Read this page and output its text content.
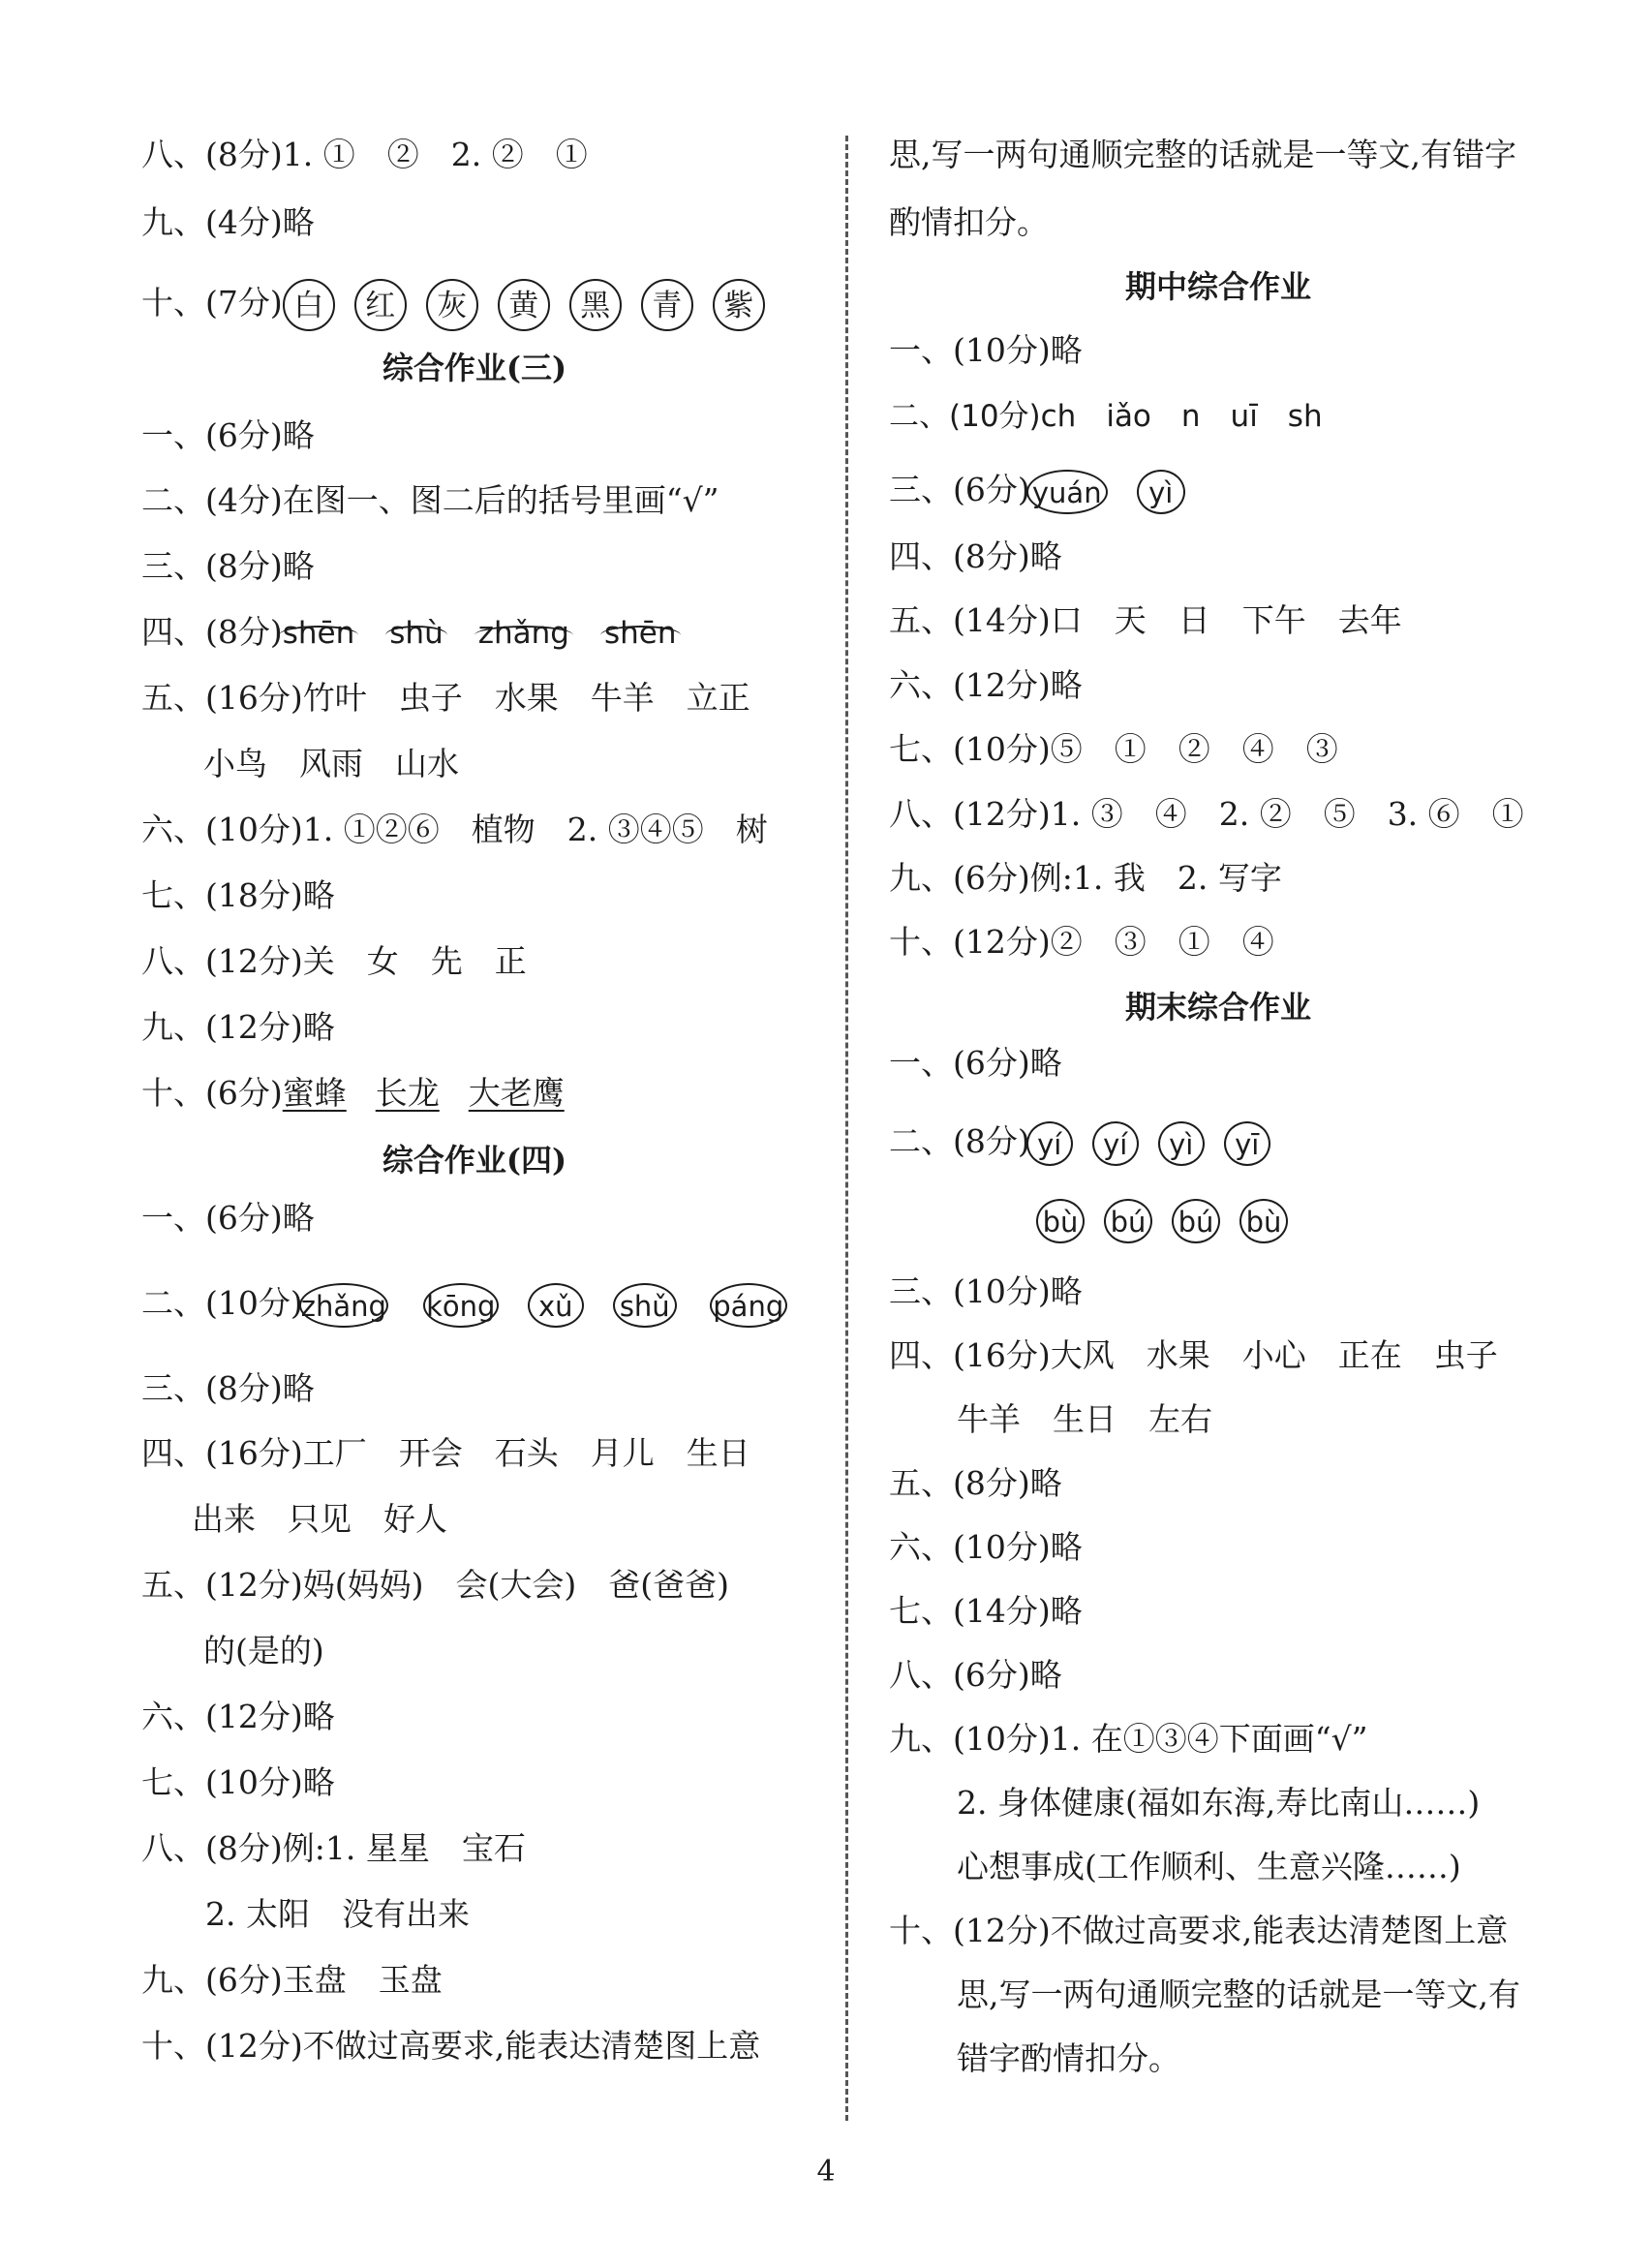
八、(8分)1. ①　②　2. ②　①
九、(4分)略
十、(7分) 白 红 灰 黄 黑 青 紫
综合作业(三)
一、(6分)略
二、(4分)在图一、图二后的括号里画“√”
三、(8分)略
四、(8分)shēn shù zhǎng shēn
五、(16分)竹叶　虫子　水果　牛羊　立正
小鸟　风雨　山水
六、(10分)1. ①②⑥　植物　2. ③④⑤　树
七、(18分)略
八、(12分)关　女　先　正
九、(12分)略
十、(6分)蜜蜂 长龙 大老鹰
综合作业(四)
一、(6分)略
二、(10分)zhǎng kōng xǔ shǔ páng
三、(8分)略
四、(16分)工厂　开会　石头　月儿　生日
出来　只见　好人
五、(12分)妈(妈妈)　会(大会)　爸(爸爸)
的(是的)
六、(12分)略
七、(10分)略
八、(8分)例:1. 星星　宝石
2. 太阳　没有出来
九、(6分)玉盘　玉盘
十、(12分)不做过高要求,能表达清楚图上意
思,写一两句通顺完整的话就是一等文,有错字
酌情扣分。
期中综合作业
一、(10分)略
二、(10分)ch　iǎo　n　uī　sh
三、(6分)yuán yì
四、(8分)略
五、(14分)口　天　日　下午　去年
六、(12分)略
七、(10分)⑤　①　②　④　③
八、(12分)1. ③　④　2. ②　⑤　3. ⑥　①
九、(6分)例:1. 我　2. 写字
十、(12分)②　③　①　④
期末综合作业
一、(6分)略
二、(8分) yí yí yì yī
bù bú bú bù
三、(10分)略
四、(16分)大风　水果　小心　正在　虫子
牛羊　生日　左右
五、(8分)略
六、(10分)略
七、(14分)略
八、(6分)略
九、(10分)1. 在①③④下面画“√”
2. 身体健康(福如东海,寿比南山……)
心想事成(工作顺利、生意兴隆……)
十、(12分)不做过高要求,能表达清楚图上意
思,写一两句通顺完整的话就是一等文,有
错字酌情扣分。
4
